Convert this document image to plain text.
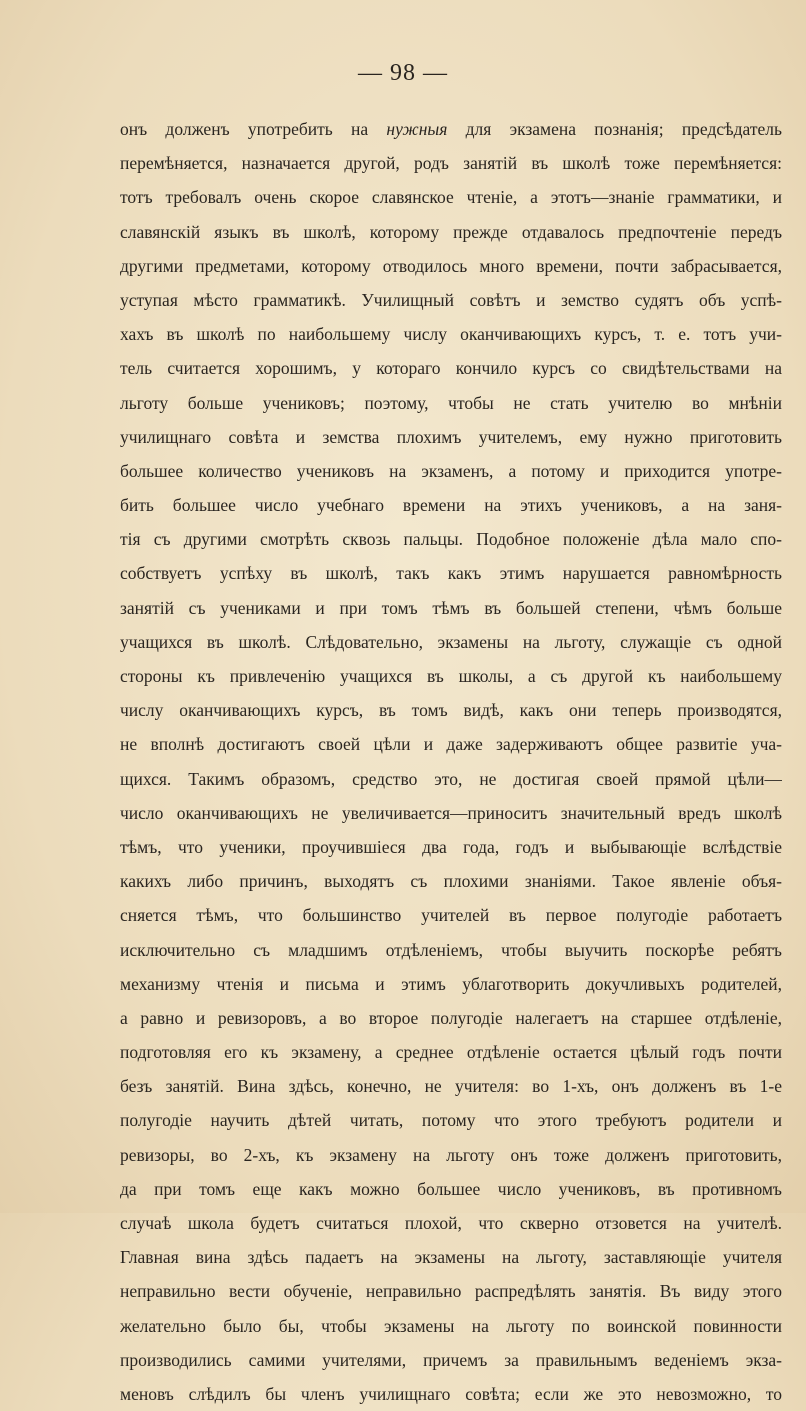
— 98 —
онъ долженъ употребить на нужныя для экзамена познанія; предсѣдатель
перемѣняется, назначается другой, родъ занятій въ школѣ тоже перемѣняется:
тотъ требовалъ очень скорое славянское чтеніе, а этотъ—знаніе грамматики, и
славянскій языкъ въ школѣ, которому прежде отдавалось предпочтеніе передъ
другими предметами, которому отводилось много времени, почти забрасывается,
уступая мѣсто грамматикѣ. Училищный совѣтъ и земство судятъ объ успѣ-
хахъ въ школѣ по наибольшему числу оканчивающихъ курсъ, т. е. тотъ учи-
тель считается хорошимъ, у котораго кончило курсъ со свидѣтельствами на
льготу больше учениковъ; поэтому, чтобы не стать учителю во мнѣніи
училищнаго совѣта и земства плохимъ учителемъ, ему нужно приготовить
большее количество учениковъ на экзаменъ, а потому и приходится употре-
бить большее число учебнаго времени на этихъ учениковъ, а на заня-
тія съ другими смотрѣть сквозь пальцы. Подобное положеніе дѣла мало спо-
собствуетъ успѣху въ школѣ, такъ какъ этимъ нарушается равномѣрность
занятій съ учениками и при томъ тѣмъ въ большей степени, чѣмъ больше
учащихся въ школѣ. Слѣдовательно, экзамены на льготу, служащіе съ одной
стороны къ привлеченію учащихся въ школы, а съ другой къ наибольшему
числу оканчивающихъ курсъ, въ томъ видѣ, какъ они теперь производятся,
не вполнѣ достигаютъ своей цѣли и даже задерживаютъ общее развитіе уча-
щихся. Такимъ образомъ, средство это, не достигая своей прямой цѣли—
число оканчивающихъ не увеличивается—приноситъ значительный вредъ школѣ
тѣмъ, что ученики, проучившіеся два года, годъ и выбывающіе вслѣдствіе
какихъ либо причинъ, выходятъ съ плохими знаніями. Такое явленіе объя-
сняется тѣмъ, что большинство учителей въ первое полугодіе работаетъ
исключительно съ младшимъ отдѣленіемъ, чтобы выучить поскорѣе ребятъ
механизму чтенія и письма и этимъ ублаготворить докучливыхъ родителей,
а равно и ревизоровъ, а во второе полугодіе налегаетъ на старшее отдѣленіе,
подготовляя его къ экзамену, а среднее отдѣленіе остается цѣлый годъ почти
безъ занятій. Вина здѣсь, конечно, не учителя: во 1-хъ, онъ долженъ въ 1-е
полугодіе научить дѣтей читать, потому что этого требуютъ родители и
ревизоры, во 2-хъ, къ экзамену на льготу онъ тоже долженъ приготовить,
да при томъ еще какъ можно большее число учениковъ, въ противномъ
случаѣ школа будетъ считаться плохой, что скверно отзовется на учителѣ.
Главная вина здѣсь падаетъ на экзамены на льготу, заставляющіе учителя
неправильно вести обученіе, неправильно распредѣлять занятія. Въ виду этого
желательно было бы, чтобы экзамены на льготу по воинской повинности
производились самими учителями, причемъ за правильнымъ веденіемъ экза-
меновъ слѣдилъ бы членъ училищнаго совѣта; если же это невозможно, то
